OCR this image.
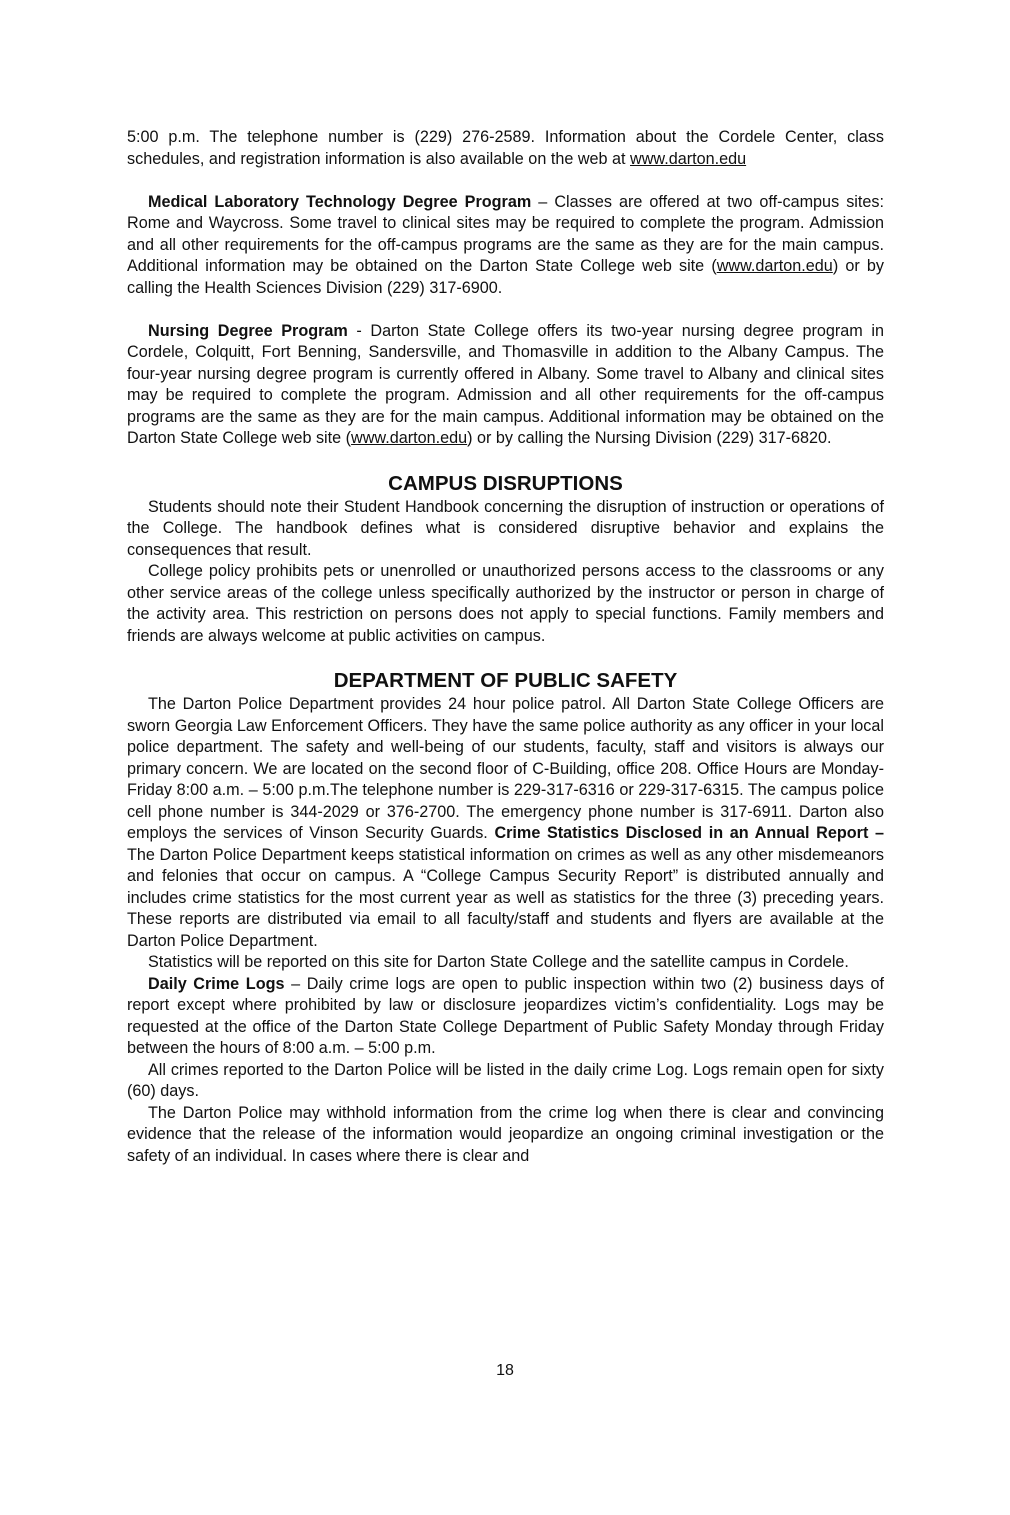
5:00 p.m. The telephone number is (229) 276-2589. Information about the Cordele Center, class schedules, and registration information is also available on the web at www.darton.edu

Medical Laboratory Technology Degree Program – Classes are offered at two off-campus sites: Rome and Waycross. Some travel to clinical sites may be required to complete the program. Admission and all other requirements for the off-campus programs are the same as they are for the main campus. Additional information may be obtained on the Darton State College web site (www.darton.edu) or by calling the Health Sciences Division (229) 317-6900.

Nursing Degree Program - Darton State College offers its two-year nursing degree program in Cordele, Colquitt, Fort Benning, Sandersville, and Thomasville in addition to the Albany Campus. The four-year nursing degree program is currently offered in Albany. Some travel to Albany and clinical sites may be required to complete the program. Admission and all other requirements for the off-campus programs are the same as they are for the main campus. Additional information may be obtained on the Darton State College web site (www.darton.edu) or by calling the Nursing Division (229) 317-6820.

CAMPUS DISRUPTIONS

Students should note their Student Handbook concerning the disruption of instruction or operations of the College. The handbook defines what is considered disruptive behavior and explains the consequences that result.

College policy prohibits pets or unenrolled or unauthorized persons access to the classrooms or any other service areas of the college unless specifically authorized by the instructor or person in charge of the activity area. This restriction on persons does not apply to special functions. Family members and friends are always welcome at public activities on campus.

DEPARTMENT OF PUBLIC SAFETY

The Darton Police Department provides 24 hour police patrol. All Darton State College Officers are sworn Georgia Law Enforcement Officers. They have the same police authority as any officer in your local police department. The safety and well-being of our students, faculty, staff and visitors is always our primary concern. We are located on the second floor of C-Building, office 208. Office Hours are Monday-Friday 8:00 a.m. – 5:00 p.m.The telephone number is 229-317-6316 or 229-317-6315. The campus police cell phone number is 344-2029 or 376-2700. The emergency phone number is 317-6911. Darton also employs the services of Vinson Security Guards. Crime Statistics Disclosed in an Annual Report – The Darton Police Department keeps statistical information on crimes as well as any other misdemeanors and felonies that occur on campus. A “College Campus Security Report” is distributed annually and includes crime statistics for the most current year as well as statistics for the three (3) preceding years. These reports are distributed via email to all faculty/staff and students and flyers are available at the Darton Police Department.

Statistics will be reported on this site for Darton State College and the satellite campus in Cordele.

Daily Crime Logs – Daily crime logs are open to public inspection within two (2) business days of report except where prohibited by law or disclosure jeopardizes victim’s confidentiality. Logs may be requested at the office of the Darton State College Department of Public Safety Monday through Friday between the hours of 8:00 a.m. – 5:00 p.m.

All crimes reported to the Darton Police will be listed in the daily crime Log. Logs remain open for sixty (60) days.

The Darton Police may withhold information from the crime log when there is clear and convincing evidence that the release of the information would jeopardize an ongoing criminal investigation or the safety of an individual. In cases where there is clear and

18
